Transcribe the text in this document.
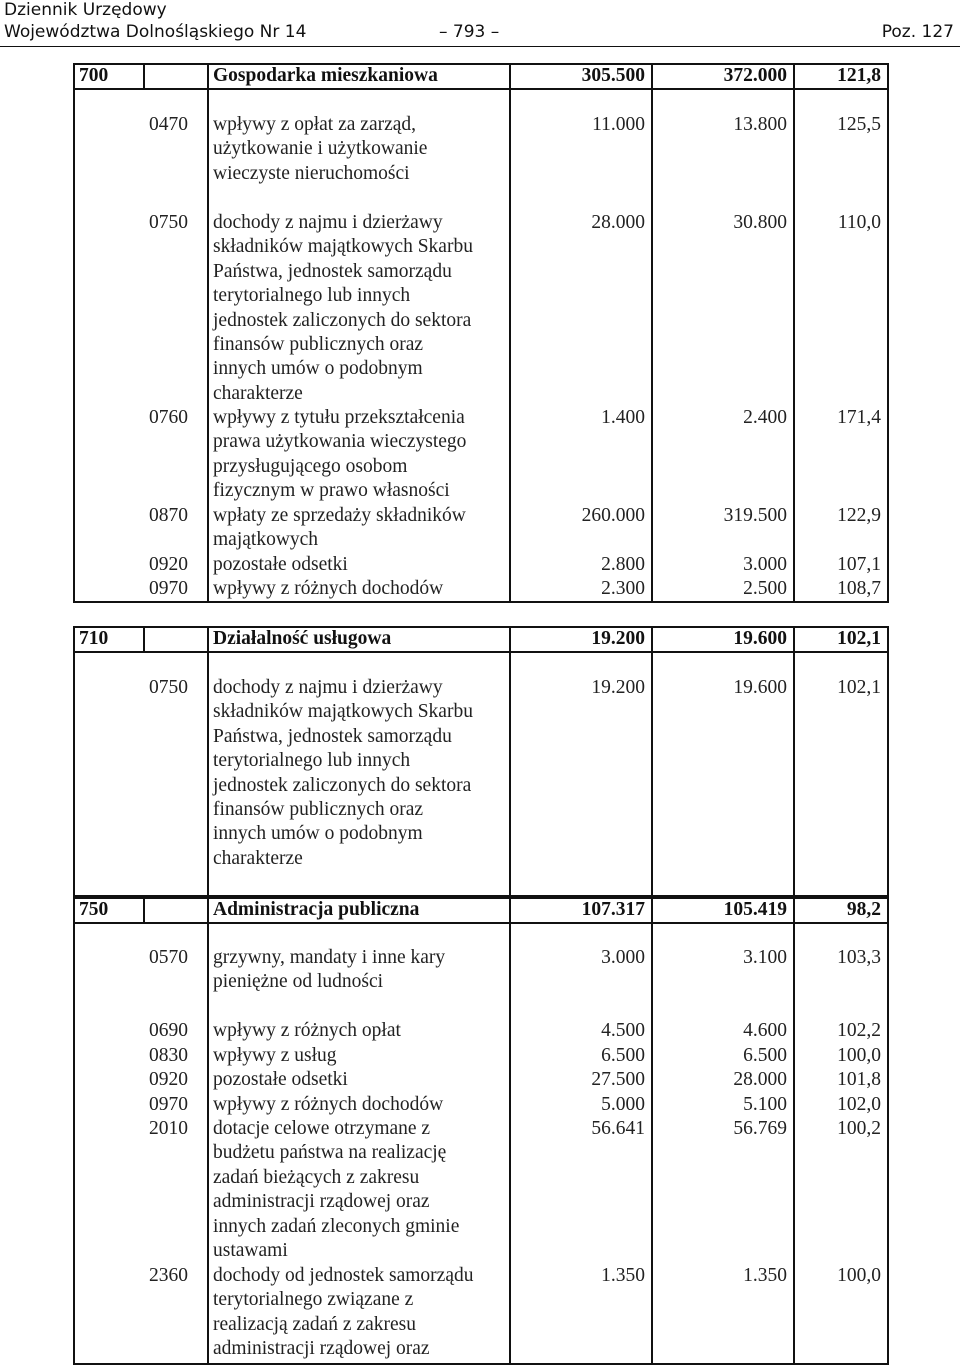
Dziennik Urzędowy
Województwa Dolnośląskiego Nr 14	– 793 –	Poz. 127
700	Gospodarka mieszkaniowa	305.500	372.000	121,8
0470 wpływy z opłat za zarząd,
użytkowanie i użytkowanie
wieczyste nieruchomości
11.000	13.800	125,5
0750 dochody z najmu i dzierżawy
składników majątkowych Skarbu
Państwa, jednostek samorządu
terytorialnego lub innych
jednostek zaliczonych do sektora
finansów publicznych oraz
innych umów o podobnym
charakterze
28.000	30.800	110,0
0760 wpływy z tytułu przekształcenia
prawa użytkowania wieczystego
przysługującego osobom
fizycznym w prawo własności
1.400	2.400	171,4
0870 wpłaty ze sprzedaży składników
majątkowych
260.000	319.500	122,9
0920 pozostałe odsetki	2.800	3.000	107,1
0970 wpływy z różnych dochodów	2.300	2.500	108,7
710	Działalność usługowa	19.200	19.600	102,1
0750 dochody z najmu i dzierżawy
składników majątkowych Skarbu
Państwa, jednostek samorządu
terytorialnego lub innych
jednostek zaliczonych do sektora
finansów publicznych oraz
innych umów o podobnym
charakterze
19.200	19.600	102,1
750	Administracja publiczna	107.317	105.419	98,2
0570 grzywny, mandaty i inne kary
pieniężne od ludności
3.000	3.100	103,3
0690 wpływy z różnych opłat	4.500	4.600	102,2
0830 wpływy z usług	6.500	6.500	100,0
0920 pozostałe odsetki	27.500	28.000	101,8
0970 wpływy z różnych dochodów	5.000	5.100	102,0
2010 dotacje celowe otrzymane z
budżetu państwa na realizację
zadań bieżących z zakresu
administracji rządowej oraz
innych zadań zleconych gminie
ustawami
56.641	56.769	100,2
2360 dochody od jednostek samorządu
terytorialnego związane z
realizacją zadań z zakresu
administracji rządowej oraz
1.350	1.350	100,0
